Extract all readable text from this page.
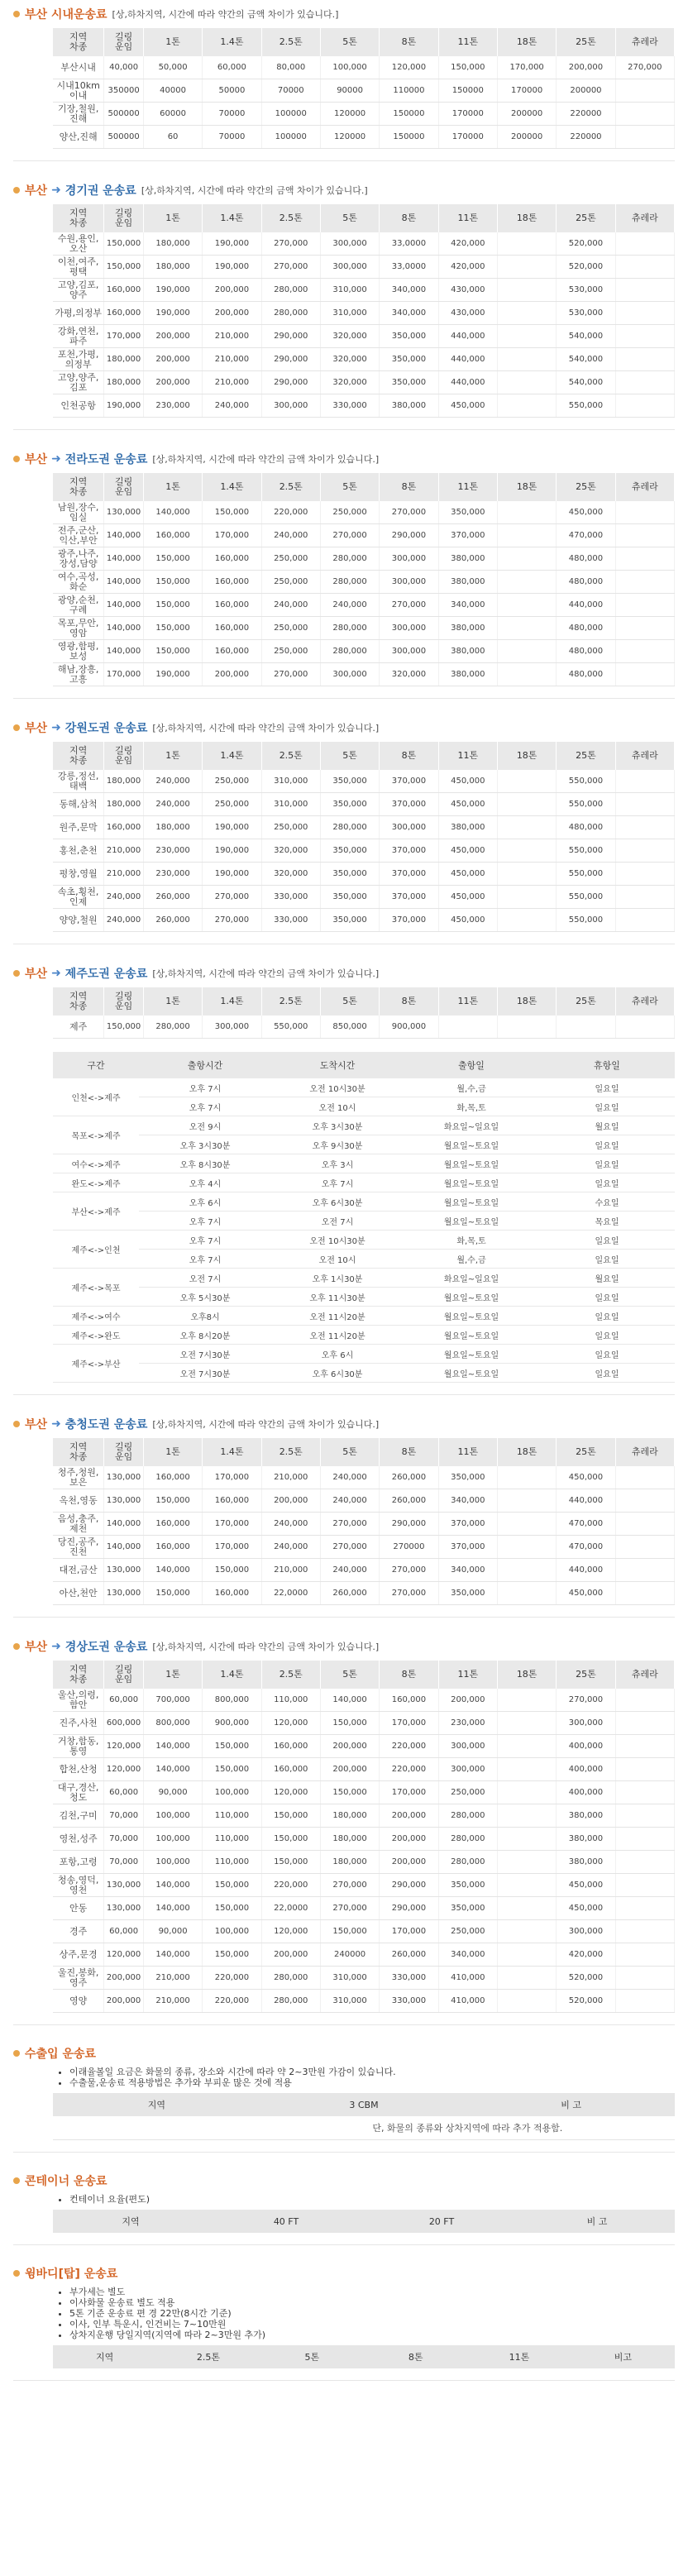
부산 시내운송료 [상,하차지역, 시간에 따라 약간의 금액 차이가 있습니다.]
지역
차종	길링
운임	1톤	1.4톤	2.5톤	5톤	8톤	11톤	18톤	25톤	츄레라
부산시내	40,000	50,000	60,000	80,000	100,000	120,000	150,000	170,000	200,000	270,000
시내10km 이내	350000	40000	50000	70000	90000	110000	150000	170000	200000	
기장,철원,진해	500000	60000	70000	100000	120000	150000	170000	200000	220000	
양산,진해	500000	60	70000	100000	120000	150000	170000	200000	220000	
부산 ➜ 경기권 운송료 [상,하차지역, 시간에 따라 약간의 금액 차이가 있습니다.]
지역
차종	길링
운임	1톤	1.4톤	2.5톤	5톤	8톤	11톤	18톤	25톤	츄레라
수원,용인,오산	150,000	180,000	190,000	270,000	300,000	33,0000	420,000		520,000	
이천,여주,평택	150,000	180,000	190,000	270,000	300,000	33,0000	420,000		520,000	
고양,김포,양주	160,000	190,000	200,000	280,000	310,000	340,000	430,000		530,000	
가평,의정부	160,000	190,000	200,000	280,000	310,000	340,000	430,000		530,000	
강화,연천,파주	170,000	200,000	210,000	290,000	320,000	350,000	440,000		540,000	
포천,가평,의정부	180,000	200,000	210,000	290,000	320,000	350,000	440,000		540,000	
고양,양주,김포	180,000	200,000	210,000	290,000	320,000	350,000	440,000		540,000	
인천공항	190,000	230,000	240,000	300,000	330,000	380,000	450,000		550,000	
부산 ➜ 전라도권 운송료 [상,하차지역, 시간에 따라 약간의 금액 차이가 있습니다.]
지역
차종	길링
운임	1톤	1.4톤	2.5톤	5톤	8톤	11톤	18톤	25톤	츄레라
남원,장수,임실	130,000	140,000	150,000	220,000	250,000	270,000	350,000		450,000	
전주,군산,익산,부안	140,000	160,000	170,000	240,000	270,000	290,000	370,000		470,000	
광주,나주,장성,담양	140,000	150,000	160,000	250,000	280,000	300,000	380,000		480,000	
여수,곡성,화순	140,000	150,000	160,000	250,000	280,000	300,000	380,000		480,000	
광양,순천,구례	140,000	150,000	160,000	240,000	240,000	270,000	340,000		440,000	
목포,무안,영암	140,000	150,000	160,000	250,000	280,000	300,000	380,000		480,000	
영광,함평,보성	140,000	150,000	160,000	250,000	280,000	300,000	380,000		480,000	
해남,장흥,고흥	170,000	190,000	200,000	270,000	300,000	320,000	380,000		480,000	
부산 ➜ 강원도권 운송료 [상,하차지역, 시간에 따라 약간의 금액 차이가 있습니다.]
지역
차종	길링
운임	1톤	1.4톤	2.5톤	5톤	8톤	11톤	18톤	25톤	츄레라
강릉,정선,태백	180,000	240,000	250,000	310,000	350,000	370,000	450,000		550,000	
동해,삼척	180,000	240,000	250,000	310,000	350,000	370,000	450,000		550,000	
원주,문막	160,000	180,000	190,000	250,000	280,000	300,000	380,000		480,000	
홍천,춘천	210,000	230,000	190,000	320,000	350,000	370,000	450,000		550,000	
평창,영월	210,000	230,000	190,000	320,000	350,000	370,000	450,000		550,000	
속초,횡천,인제	240,000	260,000	270,000	330,000	350,000	370,000	450,000		550,000	
양양,철원	240,000	260,000	270,000	330,000	350,000	370,000	450,000		550,000	
부산 ➜ 제주도권 운송료 [상,하차지역, 시간에 따라 약간의 금액 차이가 있습니다.]
지역
차종	길링
운임	1톤	1.4톤	2.5톤	5톤	8톤	11톤	18톤	25톤	츄레라
제주	150,000	280,000	300,000	550,000	850,000	900,000				
구간	출항시간	도착시간	출항일	휴항일
인천<->제주	오후 7시	오전 10시30분	월,수,금	일요일
	오후 7시	오전 10시	화,목,토	일요일
목포<->제주	오전 9시	오후 3시30분	화요일~일요일	월요일
	오후 3시30분	오후 9시30분	월요일~토요일	일요일
여수<->제주	오후 8시30분	오후 3시	월요일~토요일	일요일
완도<->제주	오후 4시	오후 7시	월요일~토요일	일요일
부산<->제주	오후 6시	오후 6시30분	월요일~토요일	수요일
	오후 7시	오전 7시	월요일~토요일	목요일
제주<->인천	오후 7시	오전 10시30분	화,목,토	일요일
	오후 7시	오전 10시	월,수,금	일요일
제주<->목포	오전 7시	오후 1시30분	화요일~일요일	월요일
	오후 5시30분	오후 11시30분	월요일~토요일	일요일
제주<->여수	오후8시	오전 11시20분	월요일~토요일	일요일
제주<->완도	오후 8시20분	오전 11시20분	월요일~토요일	일요일
제주<->부산	오전 7시30분	오후 6시	월요일~토요일	일요일
	오전 7시30분	오후 6시30분	월요일~토요일	일요일
부산 ➜ 충청도권 운송료 [상,하차지역, 시간에 따라 약간의 금액 차이가 있습니다.]
지역
차종	길링
운임	1톤	1.4톤	2.5톤	5톤	8톤	11톤	18톤	25톤	츄레라
청주,청원,보은	130,000	160,000	170,000	210,000	240,000	260,000	350,000		450,000	
옥천,영동	130,000	150,000	160,000	200,000	240,000	260,000	340,000		440,000	
음성,충주,제천	140,000	160,000	170,000	240,000	270,000	290,000	370,000		470,000	
당진,공주,진천	140,000	160,000	170,000	240,000	270,000	270000	370,000		470,000	
대전,금산	130,000	140,000	150,000	210,000	240,000	270,000	340,000		440,000	
아산,천안	130,000	150,000	160,000	22,0000	260,000	270,000	350,000		450,000	
부산 ➜ 경상도권 운송료 [상,하차지역, 시간에 따라 약간의 금액 차이가 있습니다.]
지역
차종	길링
운임	1톤	1.4톤	2.5톤	5톤	8톤	11톤	18톤	25톤	츄레라
울산,의령,함안	60,000	700,000	800,000	110,000	140,000	160,000	200,000		270,000	
진주,사천	600,000	800,000	900,000	120,000	150,000	170,000	230,000		300,000	
거창,함동,통영	120,000	140,000	150,000	160,000	200,000	220,000	300,000		400,000	
합천,산청	120,000	140,000	150,000	160,000	200,000	220,000	300,000		400,000	
대구,경산,청도	60,000	90,000	100,000	120,000	150,000	170,000	250,000		400,000	
김천,구미	70,000	100,000	110,000	150,000	180,000	200,000	280,000		380,000	
영천,성주	70,000	100,000	110,000	150,000	180,000	200,000	280,000		380,000	
포항,고령	70,000	100,000	110,000	150,000	180,000	200,000	280,000		380,000	
청송,영덕,영천	130,000	140,000	150,000	220,000	270,000	290,000	350,000		450,000	
안동	130,000	140,000	150,000	22,0000	270,000	290,000	350,000		450,000	
경주	60,000	90,000	100,000	120,000	150,000	170,000	250,000		300,000	
상주,문경	120,000	140,000	150,000	200,000	240000	260,000	340,000		420,000	
울진,봉화,영주	200,000	210,000	220,000	280,000	310,000	330,000	410,000		520,000	
영양	200,000	210,000	220,000	280,000	310,000	330,000	410,000		520,000	
수출입 운송료
• 이래율볼일 요금은 화물의 종류, 장소와 시간에 따라 약 2~3만원 가감이 있습니다.
• 수출물,운송료 적용방법은 추가와 부피운 많은 것에 적용
지역	3 CBM	비 고
	단, 화물의 종류와 상차지역에 따라 추가 적용함.	
콘테이너 운송료
• 컨테이너 요율(편도)
지역	40 FT	20 FT	비 고
윙바디[탑] 운송료
• 부가세는 별도
• 이사화물 운송료 별도 적용
• 5톤 기준 운송료 편 경 22만(8시간 기준)
• 이사, 인부 특운시, 인건비는 7~10만원
• 상차지운행 당일지역(지역에 따라 2~3만원 추가)
지역	2.5톤	5톤	8톤	11톤	비고
